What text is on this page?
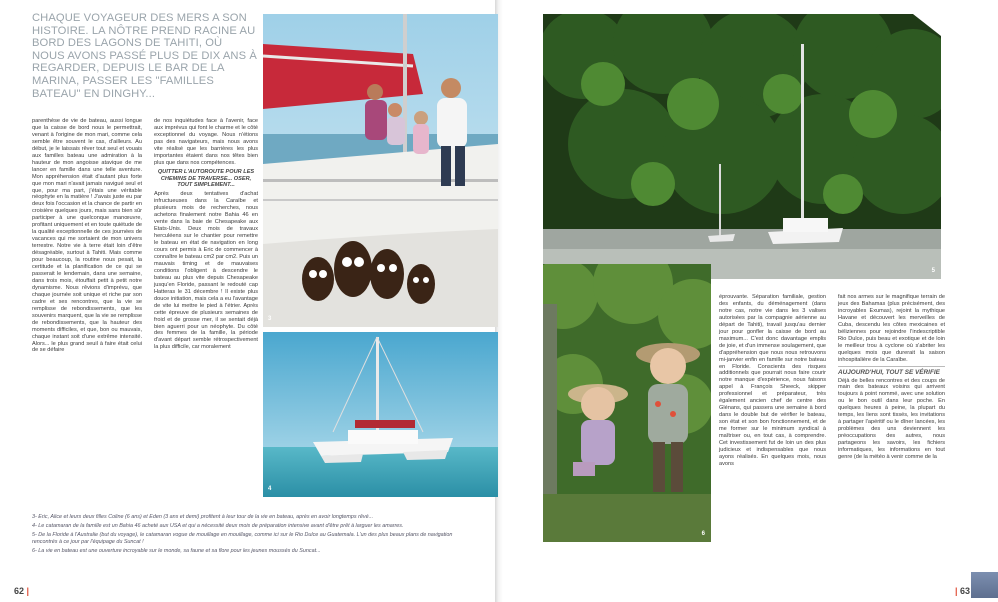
CHAQUE VOYAGEUR DES MERS A SON HISTOIRE. LA NÔTRE PREND RACINE AU BORD DES LAGONS DE TAHITI, OÙ NOUS AVONS PASSÉ PLUS DE DIX ANS À REGARDER, DEPUIS LE BAR DE LA MARINA, PASSER LES "FAMILLES BATEAU" EN DINGHY...

parenthèse de vie de bateau, aussi longue que la caisse de bord nous le permettrait, venant à l'origine de mon mari, comme cela semble être souvent le cas, d'ailleurs. Au début, je le laissais rêver tout seul et vouais aux familles bateau une admiration à la hauteur de mon angoisse atavique de me lancer en famille dans une telle aventure. Mon appréhension était d'autant plus forte que mon mari n'avait jamais navigué seul et que, pour ma part, j'étais une véritable néophyte en la matière ! J'avais juste eu par deux fois l'occasion et la chance de partir en croisière quelques jours, mais sans bien sûr participer à une quelconque manœuvre, profitant uniquement et en toute quiétude de la qualité exceptionnelle de ces journées de vacances qui me sortaient de mon univers terrestre. Notre vie à terre était loin d'être désagréable, surtout à Tahiti. Mais comme pour beaucoup, la routine nous pesait, la certitude et la planification de ce qui se passerait le lendemain, dans une semaine, dans trois mois, étouffait petit à petit notre dynamisme. Nous rêvions d'imprévu, que chaque journée soit unique et riche par son cadre et ses rencontres, que la vie se remplisse de rebondissements, que les souvenirs marquent, que la vie se remplisse de rebondissements, que la hauteur des moments difficiles, et que, bon ou mauvais, chaque instant soit d'une extrême intensité. Alors... le plus grand seuil à faire était celui de se défaire

de nos inquiétudes face à l'avenir, face aux imprévus qui font le charme et le côté exceptionnel du voyage. Nous n'étions pas des navigateurs, mais nous avons vite réalisé que les barrières les plus importantes étaient dans nos têtes bien plus que dans nos compétences.

QUITTER L'AUTOROUTE POUR LES CHEMINS DE TRAVERSE... OSER, TOUT SIMPLEMENT...

Après deux tentatives d'achat infructueuses dans la Caraïbe et plusieurs mois de recherches, nous achetons finalement notre Bahia 46 en vente dans la baie de Chesapeake aux Etats-Unis. Deux mois de travaux herculéens sur le chantier pour remettre le bateau en état de navigation en long cours ont permis à Eric de commencer à connaître le bateau cm2 par cm2. Puis un mauvais timing et de mauvaises conditions l'obligent à descendre le bateau au plus vite depuis Chesapeake jusqu'en Floride, passant le redouté cap Hatteras le 31 décembre ! Il existe plus douce initiation, mais cela a eu l'avantage de vite lui mettre le pied à l'étrier. Après cette épreuve de plusieurs semaines de froid et de grosse mer, il se sentait déjà bien aguerri pour un néophyte. Du côté des femmes de la famille, la période d'avant départ semble rétrospectivement la plus difficile, car moralement

3
4

3- Eric, Alice et leurs deux filles Coline (6 ans) et Eden (3 ans et demi) profitent à leur tour de la vie en bateau, après en avoir longtemps rêvé...

4- Le catamaran de la famille est un Bahia 46 acheté aux USA et qui a nécessité deux mois de préparation intensive avant d'être prêt à larguer les amarres.

5- De la Floride à l'Australie (but du voyage), le catamaran vogue de mouillage en mouillage, comme ici sur le Rio Dulce au Guatemala. L'un des plus beaux plans de navigation rencontrés à ce jour par l'équipage du Suncat !

6- La vie en bateau est une ouverture incroyable sur le monde, sa faune et sa flore pour les jeunes moussés du Suncat...

62 |
5
6

éprouvante. Séparation familiale, gestion des enfants, du déménagement (dans notre cas, notre vie dans les 3 valises autorisées par la compagnie aérienne au départ de Tahiti), travail jusqu'au dernier jour pour gonfler la caisse de bord au maximum... C'est donc davantage emplis de joie, et d'un immense soulagement, que d'appréhension que nous nous retrouvons mi-janvier enfin en famille sur notre bateau en Floride. Conscients des risques additionnels que pourrait nous faire courir notre manque d'expérience, nous faisons appel à François Sheeck, skipper professionnel et préparateur, très également ancien chef de centre des Glénans, qui passera une semaine à bord dans le double but de vérifier le bateau, son état et son bon fonctionnement, et de me former sur le minimum syndical à maîtriser ou, en tout cas, à comprendre. Cet investissement fut de loin un des plus judicieux et indispensables que nous ayons réalisés. En quelques mois, nous avons

fait nos armes sur le magnifique terrain de jeux des Bahamas (plus précisément, des incroyables Exumas), rejoint la mythique Havane et découvert les merveilles de Cuba, descendu les côtes mexicaines et béliziennes pour rejoindre l'indescriptible Rio Dulce, puis beau et exotique et de loin le meilleur trou à cyclone où s'abriter les quelques mois que durerait la saison inhospitalière de la Caraïbe.

AUJOURD'HUI, TOUT SE VÉRIFIE

Déjà de belles rencontres et des coups de main des bateaux voisins qui arrivent toujours à point nommé, avec une solution ou le bon outil dans leur poche. En quelques heures à peine, la plupart du temps, les liens sont tissés, les invitations à partager l'apéritif ou le dîner lancées, les problèmes des uns deviennent les préoccupations des autres, nous partageons les savoirs, les fichiers informatiques, les informations en tout genre (de la météo à venir comme de la

| 63
